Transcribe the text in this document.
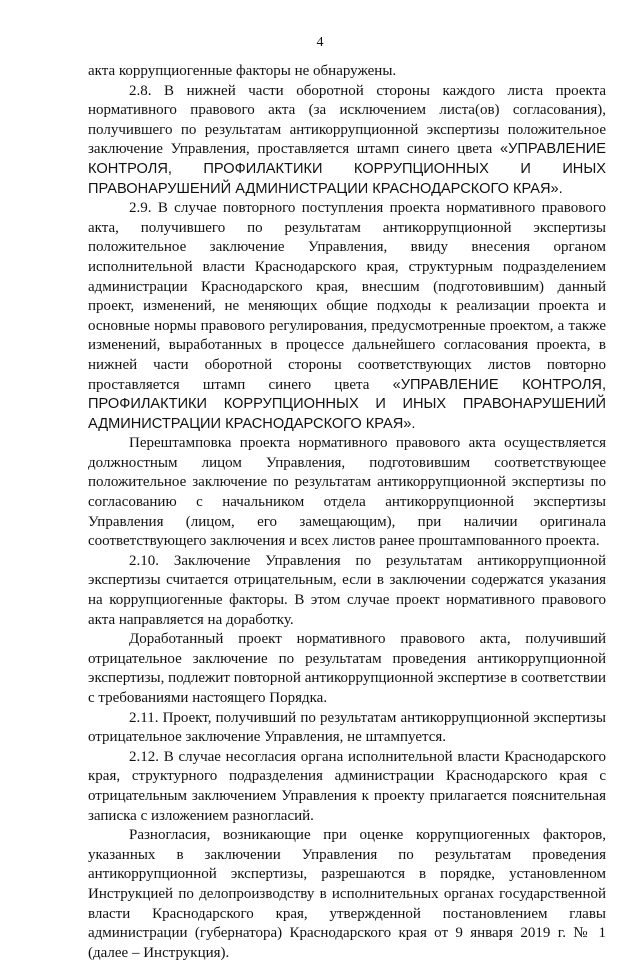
4

акта коррупциогенные факторы не обнаружены.

2.8. В нижней части оборотной стороны каждого листа проекта нормативного правового акта (за исключением листа(ов) согласования), получившего по результатам антикоррупционной экспертизы положительное заключение Управления, проставляется штамп синего цвета «УПРАВЛЕНИЕ КОНТРОЛЯ, ПРОФИЛАКТИКИ КОРРУПЦИОННЫХ И ИНЫХ ПРАВОНАРУШЕНИЙ АДМИНИСТРАЦИИ КРАСНОДАРСКОГО КРАЯ».

2.9. В случае повторного поступления проекта нормативного правового акта, получившего по результатам антикоррупционной экспертизы положительное заключение Управления, ввиду внесения органом исполнительной власти Краснодарского края, структурным подразделением администрации Краснодарского края, внесшим (подготовившим) данный проект, изменений, не меняющих общие подходы к реализации проекта и основные нормы правового регулирования, предусмотренные проектом, а также изменений, выработанных в процессе дальнейшего согласования проекта, в нижней части оборотной стороны соответствующих листов повторно проставляется штамп синего цвета «УПРАВЛЕНИЕ КОНТРОЛЯ, ПРОФИЛАКТИКИ КОРРУПЦИОННЫХ И ИНЫХ ПРАВОНАРУШЕНИЙ АДМИНИСТРАЦИИ КРАСНОДАРСКОГО КРАЯ».

Перештамповка проекта нормативного правового акта осуществляется должностным лицом Управления, подготовившим соответствующее положительное заключение по результатам антикоррупционной экспертизы по согласованию с начальником отдела антикоррупционной экспертизы Управления (лицом, его замещающим), при наличии оригинала соответствующего заключения и всех листов ранее проштампованного проекта.

2.10. Заключение Управления по результатам антикоррупционной экспертизы считается отрицательным, если в заключении содержатся указания на коррупциогенные факторы. В этом случае проект нормативного правового акта направляется на доработку.

Доработанный проект нормативного правового акта, получивший отрицательное заключение по результатам проведения антикоррупционной экспертизы, подлежит повторной антикоррупционной экспертизе в соответствии с требованиями настоящего Порядка.

2.11. Проект, получивший по результатам антикоррупционной экспертизы отрицательное заключение Управления, не штампуется.

2.12. В случае несогласия органа исполнительной власти Краснодарского края, структурного подразделения администрации Краснодарского края с отрицательным заключением Управления к проекту прилагается пояснительная записка с изложением разногласий.

Разногласия, возникающие при оценке коррупциогенных факторов, указанных в заключении Управления по результатам проведения антикоррупционной экспертизы, разрешаются в порядке, установленном Инструкцией по делопроизводству в исполнительных органах государственной власти Краснодарского края, утвержденной постановлением главы администрации (губернатора) Краснодарского края от 9 января 2019 г. № 1 (далее – Инструкция).
